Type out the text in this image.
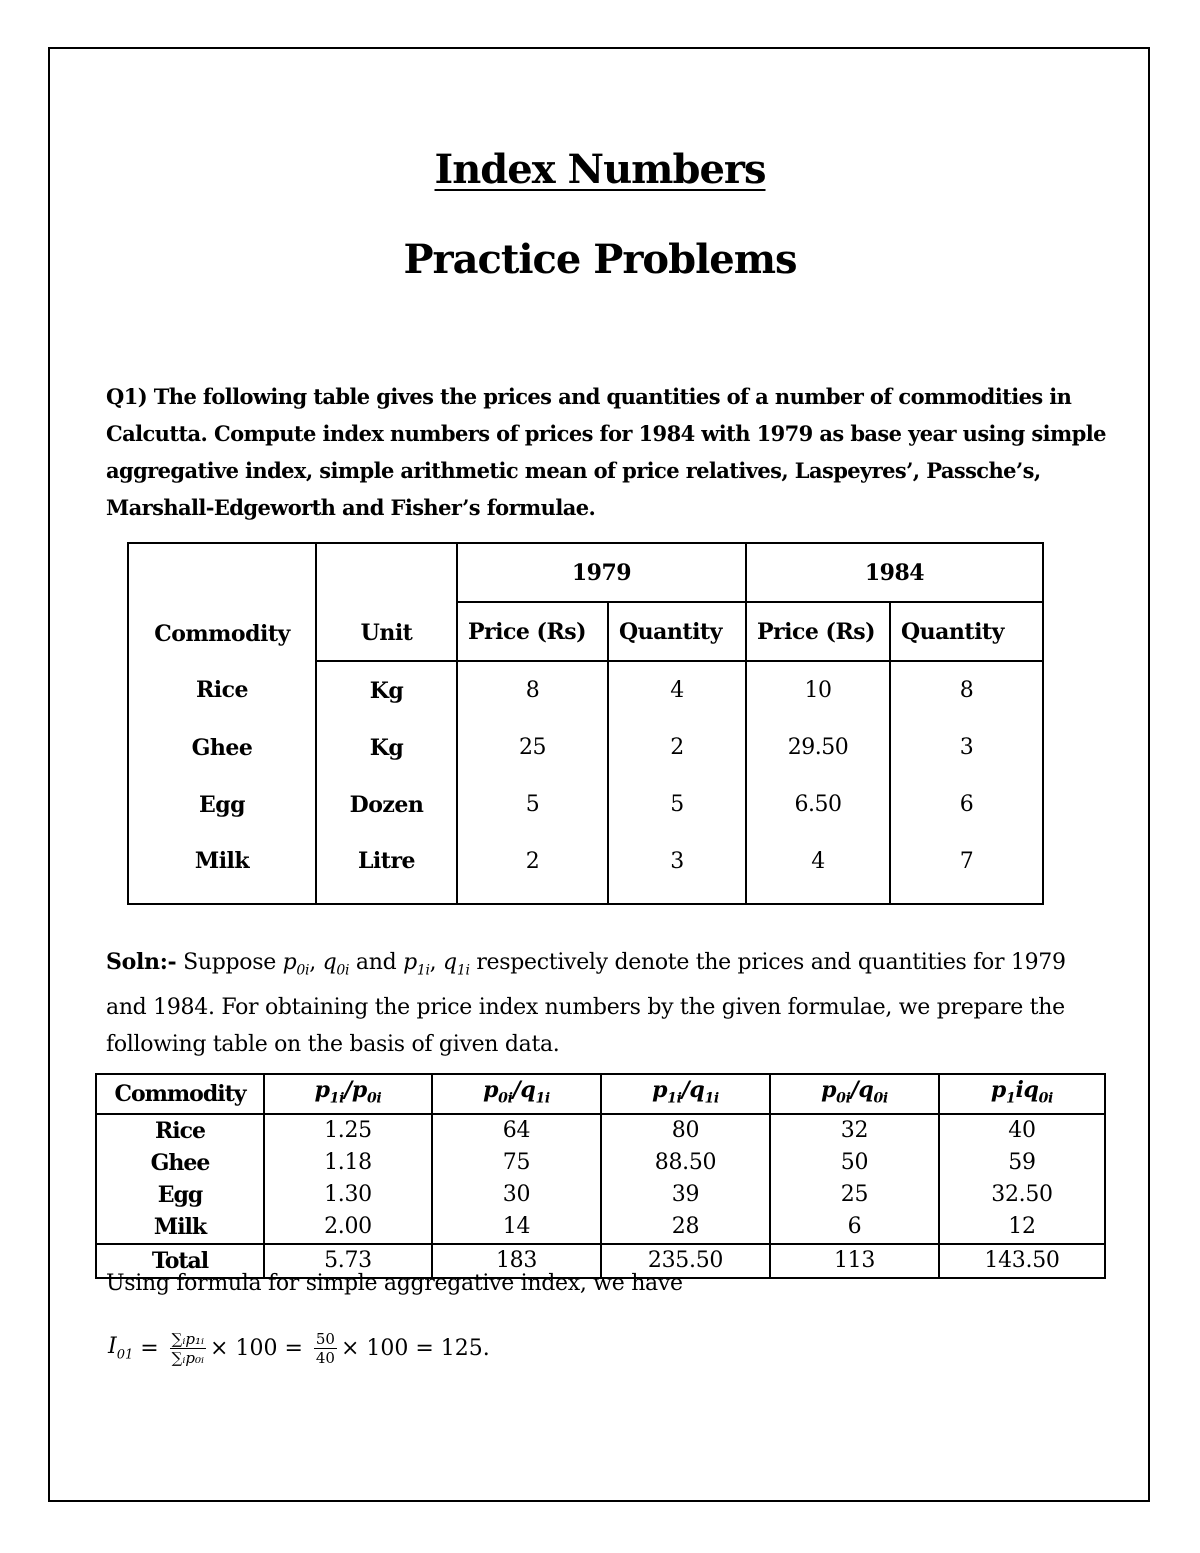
Index Numbers
Practice Problems

Q1) The following table gives the prices and quantities of a number of commodities in Calcutta. Compute index numbers of prices for 1984 with 1979 as base year using simple aggregative index, simple arithmetic mean of price relatives, Laspeyres’, Passche’s, Marshall-Edgeworth and Fisher’s formulae.

Commodity	Unit	1979		1984	
		Price (Rs)	Quantity	Price (Rs)	Quantity
Rice	Kg	8	4	10	8
Ghee	Kg	25	2	29.50	3
Egg	Dozen	5	5	6.50	6
Milk	Litre	2	3	4	7

Soln:- Suppose $p_{0i}$, $q_{0i}$ and $p_{1i}$, $q_{1i}$ respectively denote the prices and quantities for 1979 and 1984. For obtaining the price index numbers by the given formulae, we prepare the following table on the basis of given data.

Commodity	$p_{1i}/p_{0i}$	$p_{0i}/q_{1i}$	$p_{1i}/q_{1i}$	$p_{0i}/q_{0i}$	$p_1iq_{0i}$
Rice	1.25	64	80	32	40
Ghee	1.18	75	88.50	50	59
Egg	1.30	30	39	25	32.50
Milk	2.00	14	28	6	12
Total	5.73	183	235.50	113	143.50

Using formula for simple aggregative index, we have

$I_{01} = \frac{\text{∑ᵢp₁ᵢ}}{\text{∑ᵢp₀ᵢ}} \times 100 = \frac{50}{40} \times 100 = 125$.
